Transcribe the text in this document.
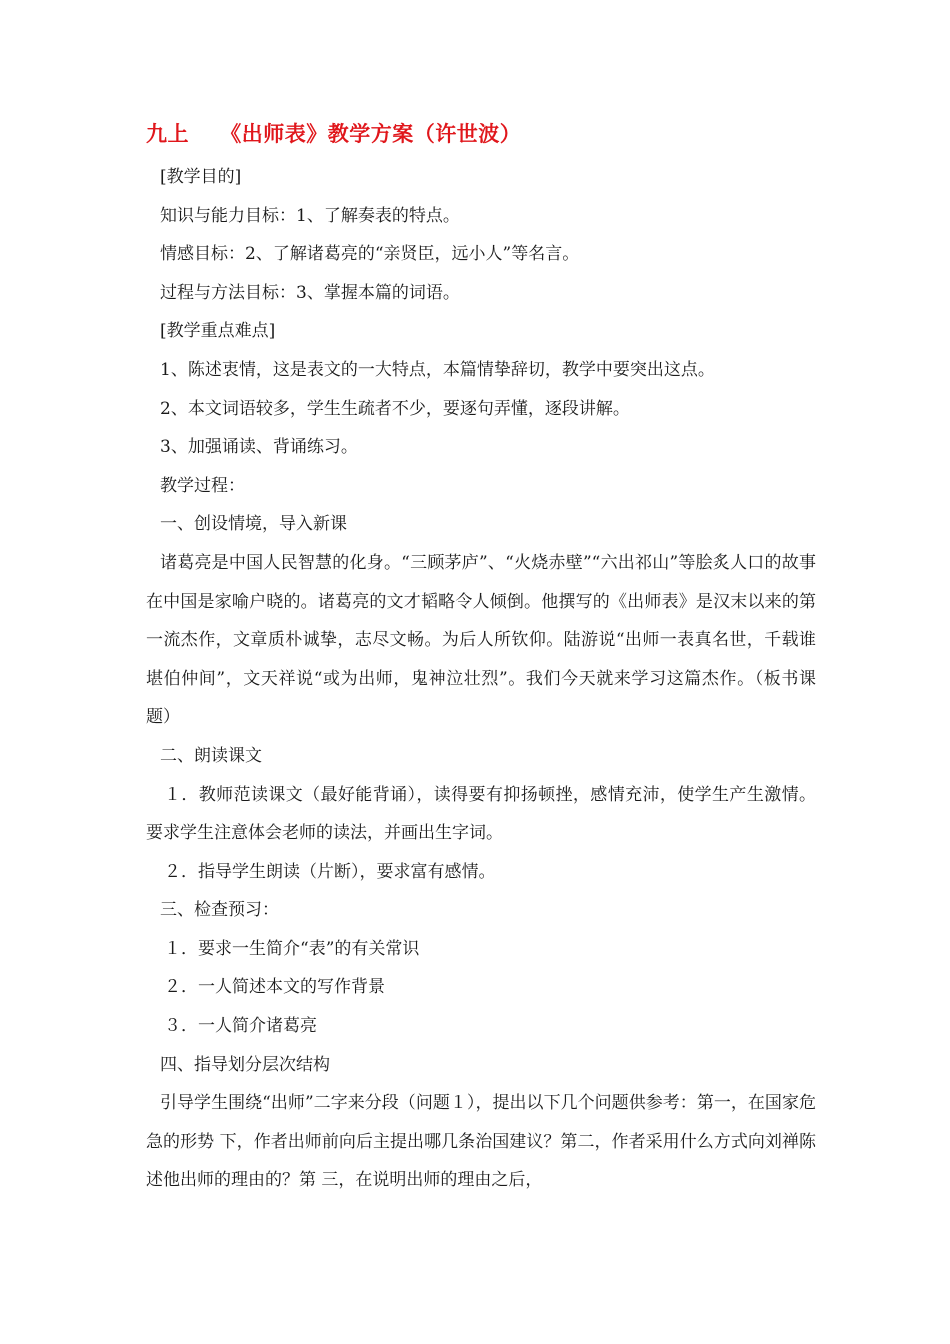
九上    《出师表》教学方案（许世波）

[教学目的]

知识与能力目标：1、了解奏表的特点。

情感目标：2、了解诸葛亮的“亲贤臣，远小人”等名言。

过程与方法目标：3、掌握本篇的词语。

[教学重点难点]

1、陈述衷情，这是表文的一大特点，本篇情挚辞切，教学中要突出这点。

2、本文词语较多，学生生疏者不少，要逐句弄懂，逐段讲解。

3、加强诵读、背诵练习。

教学过程：

一、创设情境，导入新课

诸葛亮是中国人民智慧的化身。“三顾茅庐”、“火烧赤壁”“六出祁山”等脍炙人口的故事在中国是家喻户晓的。诸葛亮的文才韬略令人倾倒。他撰写的《出师表》是汉末以来的第一流杰作，文章质朴诚挚，志尽文畅。为后人所钦仰。陆游说“出师一表真名世，千载谁堪伯仲间”，文天祥说“或为出师，鬼神泣壮烈”。我们今天就来学习这篇杰作。（板书课题）

二、朗读课文

１．教师范读课文（最好能背诵），读得要有抑扬顿挫，感情充沛，使学生产生激情。要求学生注意体会老师的读法，并画出生字词。

２．指导学生朗读（片断），要求富有感情。

三、检查预习：

１．要求一生简介“表”的有关常识

２．一人简述本文的写作背景

３．一人简介诸葛亮

四、指导划分层次结构

引导学生围绕“出师”二字来分段（问题１），提出以下几个问题供参考：第一，在国家危急的形势 下，作者出师前向后主提出哪几条治国建议？第二，作者采用什么方式向刘禅陈述他出师的理由的？第 三，在说明出师的理由之后，
